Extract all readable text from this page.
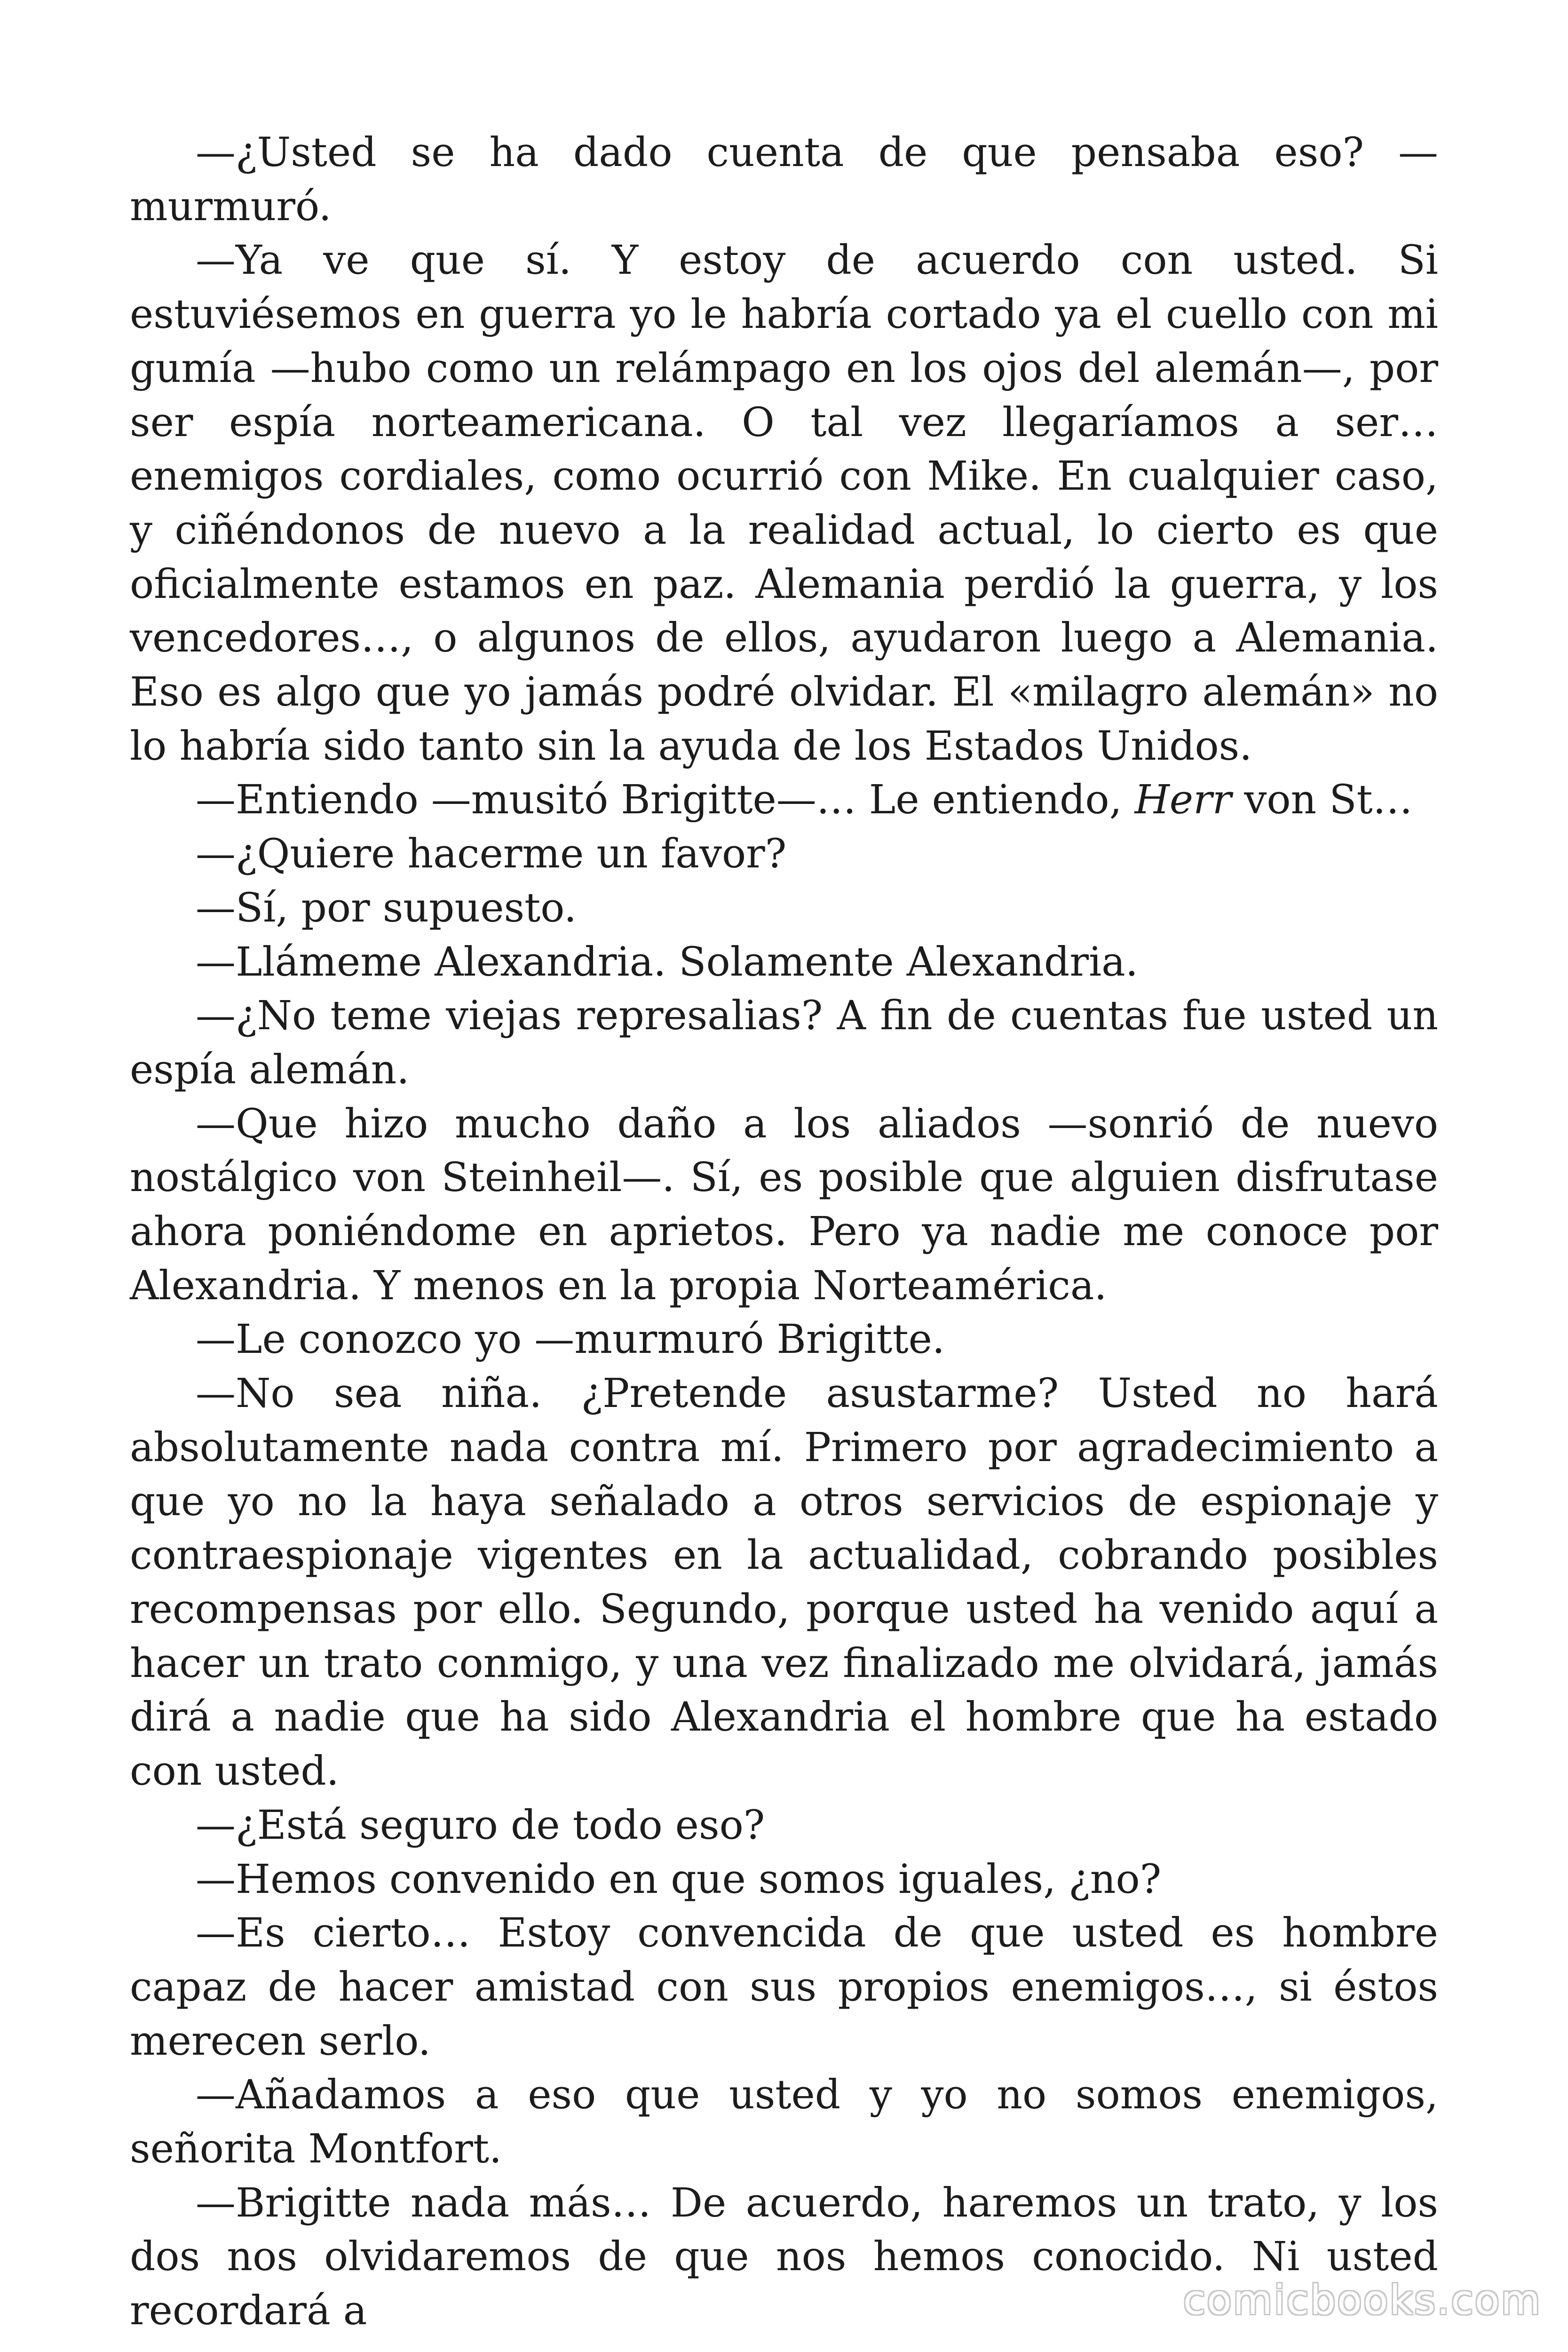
—¿Usted se ha dado cuenta de que pensaba eso? —murmuró.

—Ya ve que sí. Y estoy de acuerdo con usted. Si estuviésemos en guerra yo le habría cortado ya el cuello con mi gumía —hubo como un relámpago en los ojos del alemán—, por ser espía norteamericana. O tal vez llegaríamos a ser… enemigos cordiales, como ocurrió con Mike. En cualquier caso, y ciñéndonos de nuevo a la realidad actual, lo cierto es que oficialmente estamos en paz. Alemania perdió la guerra, y los vencedores…, o algunos de ellos, ayudaron luego a Alemania. Eso es algo que yo jamás podré olvidar. El «milagro alemán» no lo habría sido tanto sin la ayuda de los Estados Unidos.

—Entiendo —musitó Brigitte—… Le entiendo, Herr von St…

—¿Quiere hacerme un favor?

—Sí, por supuesto.

—Llámeme Alexandria. Solamente Alexandria.

—¿No teme viejas represalias? A fin de cuentas fue usted un espía alemán.

—Que hizo mucho daño a los aliados —sonrió de nuevo nostálgico von Steinheil—. Sí, es posible que alguien disfrutase ahora poniéndome en aprietos. Pero ya nadie me conoce por Alexandria. Y menos en la propia Norteamérica.

—Le conozco yo —murmuró Brigitte.

—No sea niña. ¿Pretende asustarme? Usted no hará absolutamente nada contra mí. Primero por agradecimiento a que yo no la haya señalado a otros servicios de espionaje y contraespionaje vigentes en la actualidad, cobrando posibles recompensas por ello. Segundo, porque usted ha venido aquí a hacer un trato conmigo, y una vez finalizado me olvidará, jamás dirá a nadie que ha sido Alexandria el hombre que ha estado con usted.

—¿Está seguro de todo eso?

—Hemos convenido en que somos iguales, ¿no?

—Es cierto… Estoy convencida de que usted es hombre capaz de hacer amistad con sus propios enemigos…, si éstos merecen serlo.

—Añadamos a eso que usted y yo no somos enemigos, señorita Montfort.

—Brigitte nada más… De acuerdo, haremos un trato, y los dos nos olvidaremos de que nos hemos conocido. Ni usted recordará a	comicbooks.com
